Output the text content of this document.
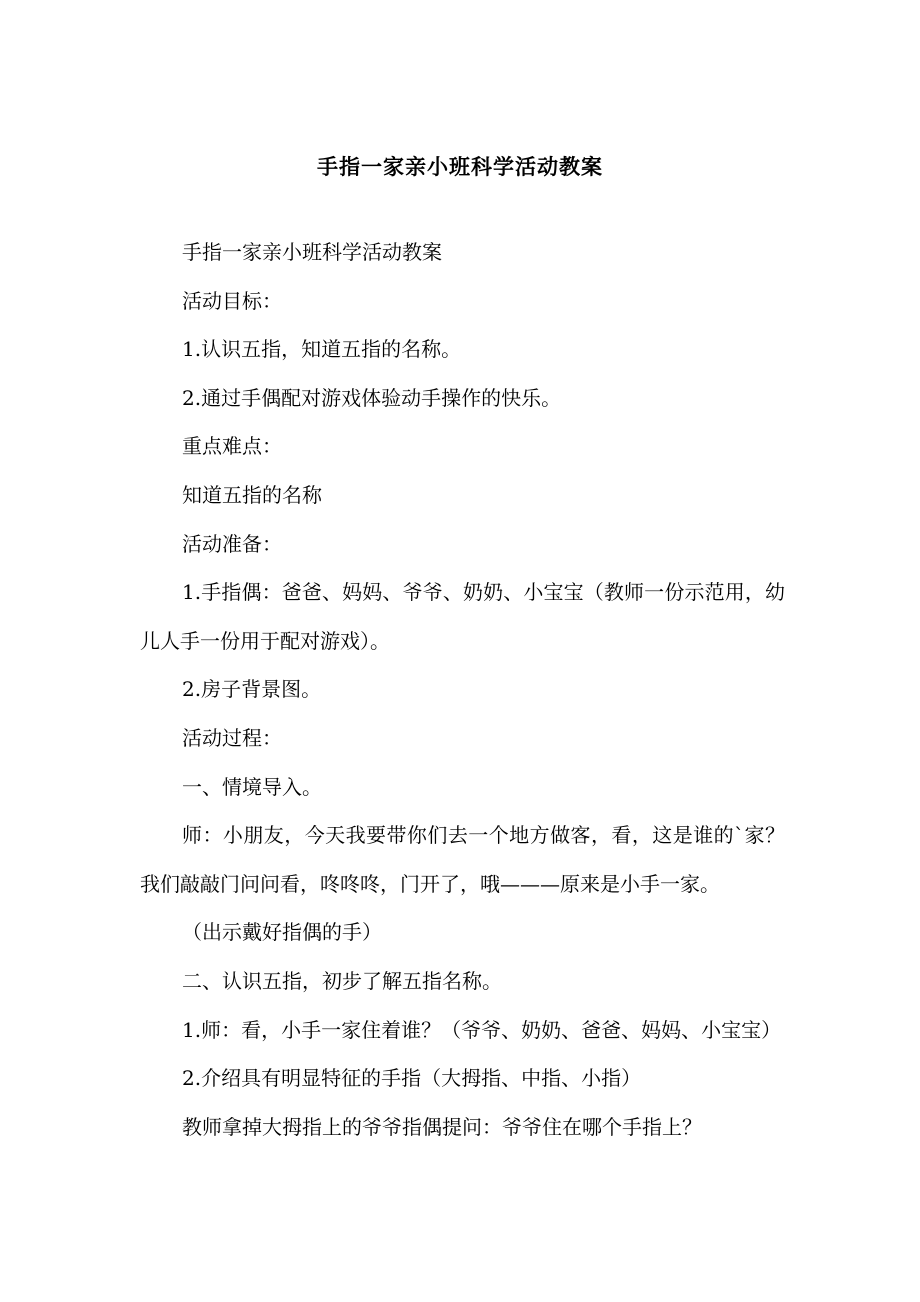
手指一家亲小班科学活动教案

手指一家亲小班科学活动教案

活动目标：

1.认识五指，知道五指的名称。

2.通过手偶配对游戏体验动手操作的快乐。

重点难点：

知道五指的名称

活动准备：

1.手指偶：爸爸、妈妈、爷爷、奶奶、小宝宝（教师一份示范用，幼儿人手一份用于配对游戏）。

2.房子背景图。

活动过程：

一、情境导入。

师：小朋友，今天我要带你们去一个地方做客，看，这是谁的`家？我们敲敲门问问看，咚咚咚，门开了，哦———原来是小手一家。

（出示戴好指偶的手）

二、认识五指，初步了解五指名称。

1.师：看，小手一家住着谁？（爷爷、奶奶、爸爸、妈妈、小宝宝）

2.介绍具有明显特征的手指（大拇指、中指、小指）

教师拿掉大拇指上的爷爷指偶提问：爷爷住在哪个手指上？
